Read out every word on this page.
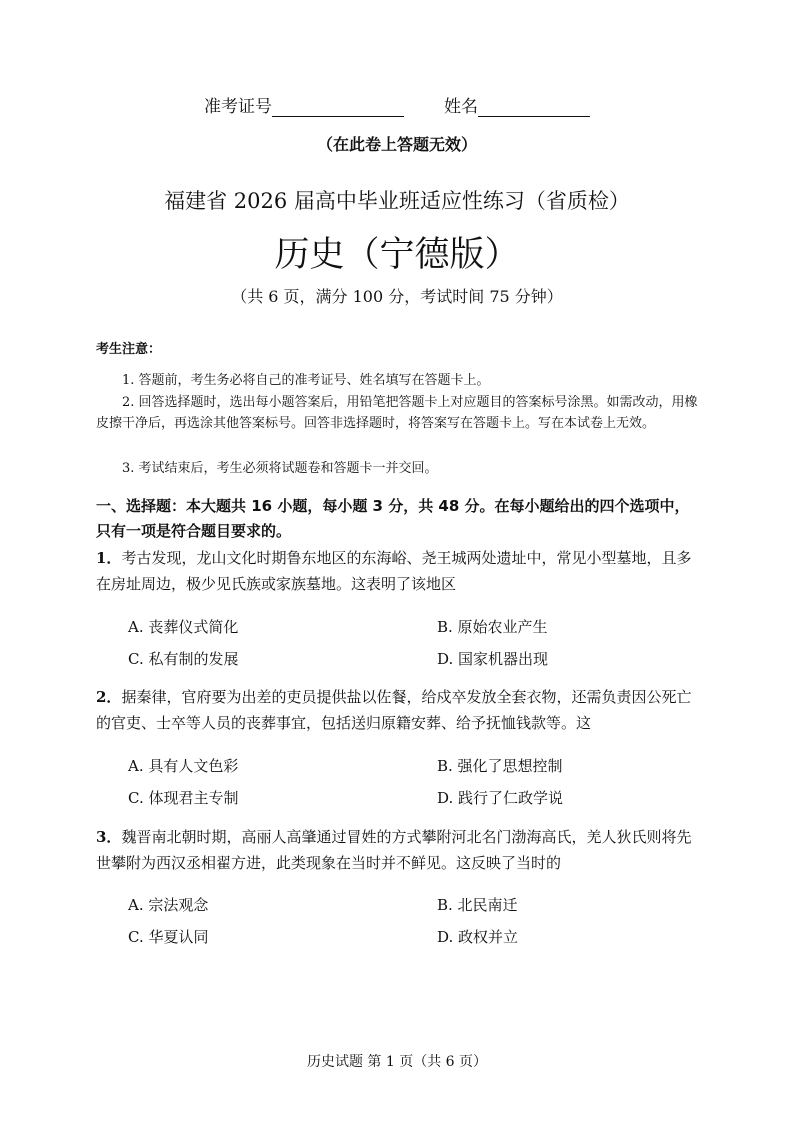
准考证号	姓名
（在此卷上答题无效）
福建省 2026 届高中毕业班适应性练习（省质检）
历史（宁德版）
（共 6 页，满分 100 分，考试时间 75 分钟）
考生注意：
1. 答题前，考生务必将自己的准考证号、姓名填写在答题卡上。
2. 回答选择题时，选出每小题答案后，用铅笔把答题卡上对应题目的答案标号涂黑。如需改动，用橡皮擦干净后，再选涂其他答案标号。回答非选择题时，将答案写在答题卡上。写在本试卷上无效。
3. 考试结束后，考生必须将试题卷和答题卡一并交回。
一、选择题：本大题共 16 小题，每小题 3 分，共 48 分。在每小题给出的四个选项中，只有一项是符合题目要求的。
1．考古发现，龙山文化时期鲁东地区的东海峪、尧王城两处遗址中，常见小型墓地，且多在房址周边，极少见氏族或家族墓地。这表明了该地区
A. 丧葬仪式简化	B. 原始农业产生
C. 私有制的发展	D. 国家机器出现
2．据秦律，官府要为出差的吏员提供盐以佐餐，给戍卒发放全套衣物，还需负责因公死亡的官吏、士卒等人员的丧葬事宜，包括送归原籍安葬、给予抚恤钱款等。这
A. 具有人文色彩	B. 强化了思想控制
C. 体现君主专制	D. 践行了仁政学说
3．魏晋南北朝时期，高丽人高肇通过冒姓的方式攀附河北名门渤海高氏，羌人狄氏则将先世攀附为西汉丞相翟方进，此类现象在当时并不鲜见。这反映了当时的
A. 宗法观念	B. 北民南迁
C. 华夏认同	D. 政权并立
历史试题 第 1 页（共 6 页）
